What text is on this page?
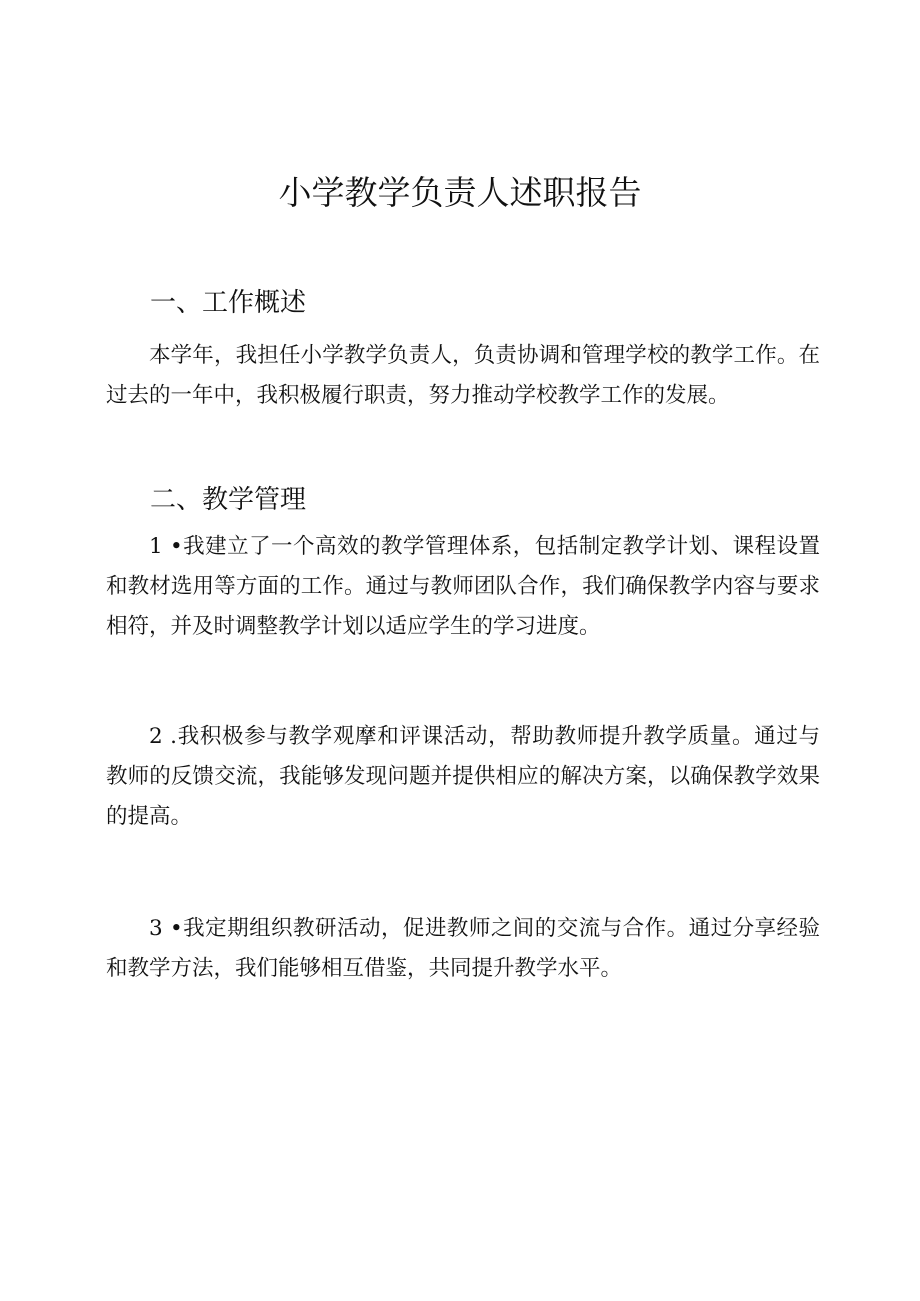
小学教学负责人述职报告
一、工作概述

本学年，我担任小学教学负责人，负责协调和管理学校的教学工作。在过去的一年中，我积极履行职责，努力推动学校教学工作的发展。

二、教学管理

1 •我建立了一个高效的教学管理体系，包括制定教学计划、课程设置和教材选用等方面的工作。通过与教师团队合作，我们确保教学内容与要求相符，并及时调整教学计划以适应学生的学习进度。

2 .我积极参与教学观摩和评课活动，帮助教师提升教学质量。通过与教师的反馈交流，我能够发现问题并提供相应的解决方案，以确保教学效果的提高。

3 •我定期组织教研活动，促进教师之间的交流与合作。通过分享经验和教学方法，我们能够相互借鉴，共同提升教学水平。
